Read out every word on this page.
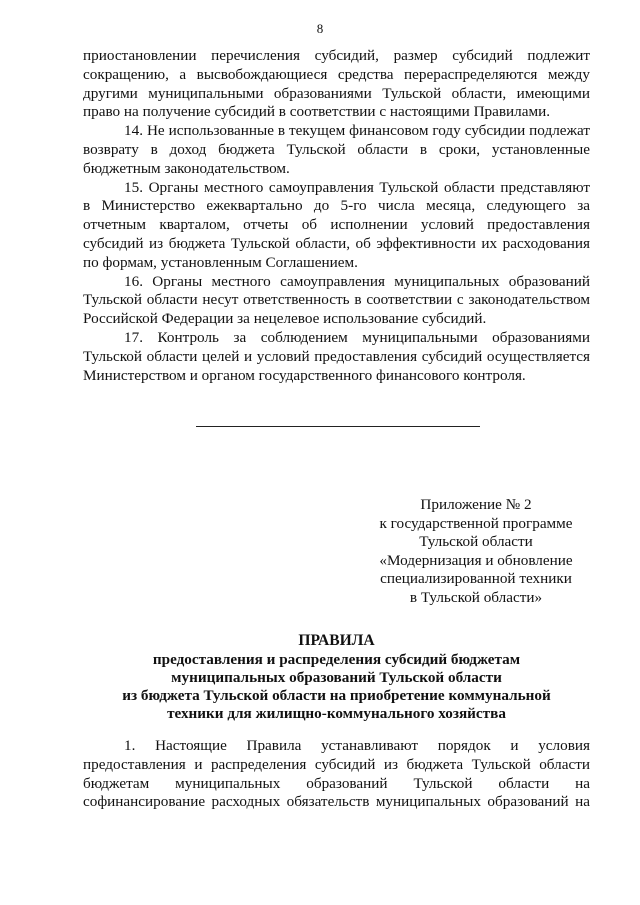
8

приостановлении перечисления субсидий, размер субсидий подлежит сокращению, а высвобождающиеся средства перераспределяются между другими муниципальными образованиями Тульской области, имеющими право на получение субсидий в соответствии с настоящими Правилами.

14. Не использованные в текущем финансовом году субсидии подлежат возврату в доход бюджета Тульской области в сроки, установленные бюджетным законодательством.

15. Органы местного самоуправления Тульской области представляют в Министерство ежеквартально до 5-го числа месяца, следующего за отчетным кварталом, отчеты об исполнении условий предоставления субсидий из бюджета Тульской области, об эффективности их расходования по формам, установленным Соглашением.

16. Органы местного самоуправления муниципальных образований Тульской области несут ответственность в соответствии с законодательством Российской Федерации за нецелевое использование субсидий.

17. Контроль за соблюдением муниципальными образованиями Тульской области целей и условий предоставления субсидий осуществляется Министерством и органом государственного финансового контроля.

Приложение № 2
к государственной программе
Тульской области
«Модернизация и обновление
специализированной техники
в Тульской области»
ПРАВИЛА
предоставления и распределения субсидий бюджетам
муниципальных образований Тульской области
из бюджета Тульской области на приобретение коммунальной
техники для жилищно-коммунального хозяйства

1. Настоящие Правила устанавливают порядок и условия предоставления и распределения субсидий из бюджета Тульской области бюджетам муниципальных образований Тульской области на софинансирование расходных обязательств муниципальных образований на
